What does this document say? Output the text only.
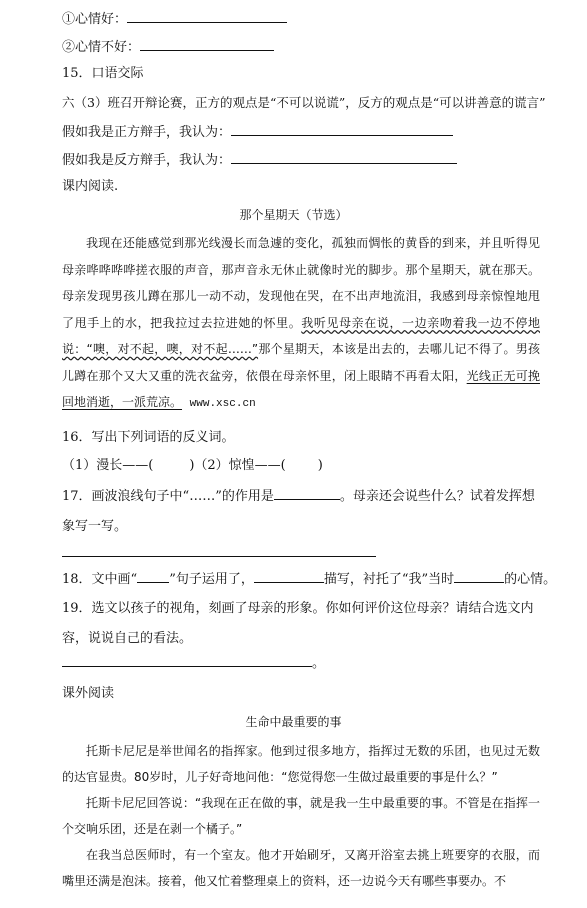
①心情好：
②心情不好：
15．口语交际
六（3）班召开辩论赛，正方的观点是“不可以说谎”，反方的观点是“可以讲善意的谎言”
假如我是正方辩手，我认为：
假如我是反方辩手，我认为：
课内阅读.
那个星期天（节选）

我现在还能感觉到那光线漫长而急遽的变化，孤独而惆怅的黄昏的到来，并且听得见母亲哗哗哗哗搓衣服的声音，那声音永无休止就像时光的脚步。那个星期天，就在那天。母亲发现男孩儿蹲在那儿一动不动，发现他在哭，在不出声地流泪，我感到母亲惊惶地甩了甩手上的水，把我拉过去拉进她的怀里。我听见母亲在说，一边亲吻着我一边不停地说：“噢，对不起，噢，对不起……”那个星期天，本该是出去的，去哪儿记不得了。男孩儿蹲在那个又大又重的洗衣盆旁，依偎在母亲怀里，闭上眼睛不再看太阳，光线正无可挽回地消逝，一派荒凉。 www.xsc.cn

16．写出下列词语的反义词。
（1）漫长——(	)（2）惊惶——( )
17．画波浪线句子中“……”的作用是	。母亲还会说些什么？试着发挥想象写一写。
18．文中画“ ”句子运用了，	描写，衬托了“我”当时	的心情。
19．选文以孩子的视角，刻画了母亲的形象。你如何评价这位母亲？请结合选文内容，说说自己的看法。
。
课外阅读
生命中最重要的事

托斯卡尼尼是举世闻名的指挥家。他到过很多地方，指挥过无数的乐团，也见过无数的达官显贵。80岁时，儿子好奇地问他：“您觉得您一生做过最重要的事是什么？”

托斯卡尼尼回答说：“我现在正在做的事，就是我一生中最重要的事。不管是在指挥一个交响乐团，还是在剥一个橘子。”

在我当总医师时，有一个室友。他才开始刷牙，又离开浴室去挑上班要穿的衣服，而嘴里还满是泡沫。接着，他又忙着整理桌上的资料，还一边说今天有哪些事要办。不
